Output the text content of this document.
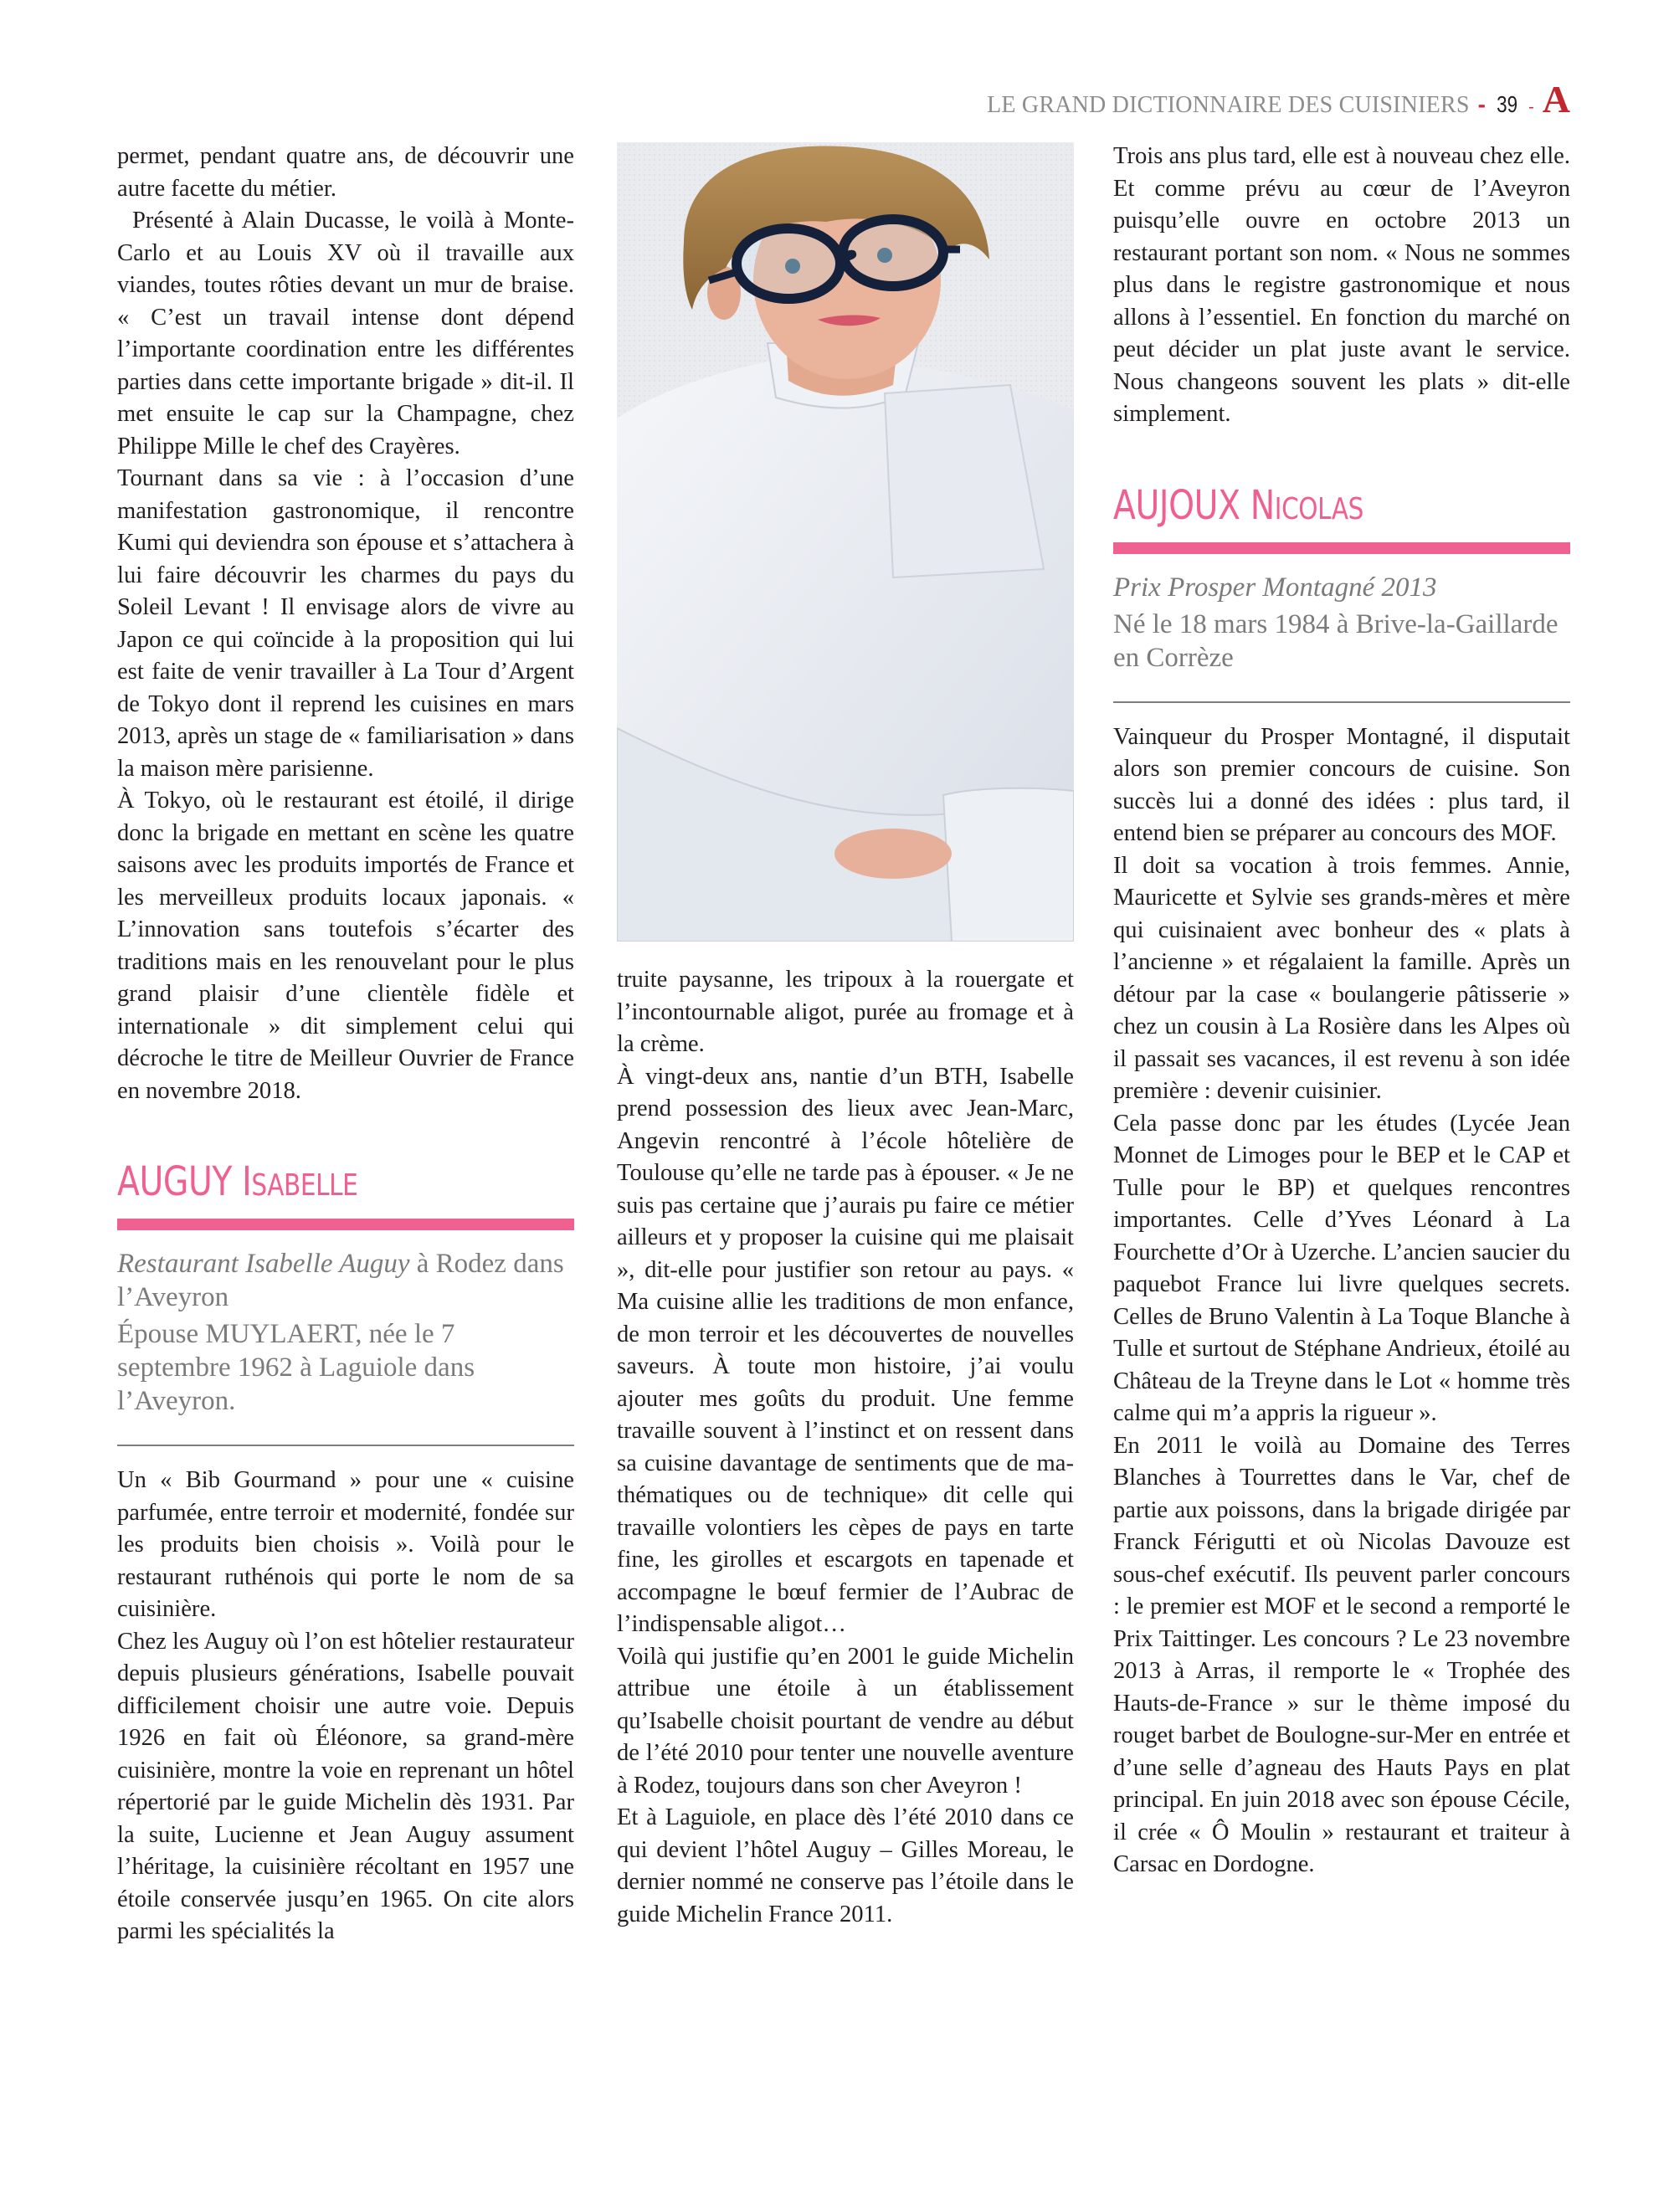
LE GRAND DICTIONNAIRE DES CUISINIERS - 39 - A

permet, pendant quatre ans, de découvrir une autre facette du métier.

Présenté à Alain Ducasse, le voilà à Monte-Carlo et au Louis XV où il travaille aux viandes, toutes rôties devant un mur de braise. « C’est un travail intense dont dépend l’importante coordination entre les différentes parties dans cette importante brigade » dit-il. Il met ensuite le cap sur la Champagne, chez Philippe Mille le chef des Crayères.

Tournant dans sa vie : à l’occasion d’une manifestation gastronomique, il rencontre Kumi qui deviendra son épouse et s’attachera à lui faire découvrir les charmes du pays du Soleil Levant ! Il envisage alors de vivre au Japon ce qui coïncide à la proposition qui lui est faite de venir travailler à La Tour d’Argent de Tokyo dont il reprend les cuisines en mars 2013, après un stage de « familiarisation » dans la maison mère parisienne.

À Tokyo, où le restaurant est étoilé, il dirige donc la brigade en mettant en scène les quatre saisons avec les produits importés de France et les merveilleux produits locaux japonais. « L’innovation sans toutefois s’écarter des traditions mais en les renouvelant pour le plus grand plaisir d’une clientèle fidèle et internationale » dit simplement celui qui décroche le titre de Meilleur Ouvrier de France en novembre 2018.

AUGUY ISABELLE

Restaurant Isabelle Auguy à Rodez dans l’Aveyron

Épouse MUYLAERT, née le 7 septembre 1962 à Laguiole dans l’Aveyron.

Un « Bib Gourmand » pour une « cuisine parfumée, entre terroir et modernité, fondée sur les produits bien choisis ». Voilà pour le restaurant ruthénois qui porte le nom de sa cuisinière.

Chez les Auguy où l’on est hôtelier restaurateur depuis plusieurs générations, Isabelle pouvait difficilement choisir une autre voie. Depuis 1926 en fait où Éléonore, sa grand-mère cuisinière, montre la voie en reprenant un hôtel répertorié par le guide Michelin dès 1931. Par la suite, Lucienne et Jean Auguy assument l’héritage, la cuisinière récoltant en 1957 une étoile conservée jusqu’en 1965. On cite alors parmi les spécialités la

truite paysanne, les tripoux à la rouergate et l’incontournable aligot, purée au fromage et à la crème.

À vingt-deux ans, nantie d’un BTH, Isabelle prend possession des lieux avec Jean-Marc, Angevin rencontré à l’école hôtelière de Toulouse qu’elle ne tarde pas à épouser. « Je ne suis pas certaine que j’aurais pu faire ce métier ailleurs et y proposer la cuisine qui me plaisait », dit-elle pour justifier son retour au pays. « Ma cuisine allie les traditions de mon enfance, de mon terroir et les découvertes de nouvelles saveurs. À toute mon histoire, j’ai voulu ajouter mes goûts du produit. Une femme travaille souvent à l’instinct et on ressent dans sa cuisine davantage de sentiments que de mathématiques ou de technique» dit celle qui travaille volontiers les cèpes de pays en tarte fine, les girolles et escargots en tapenade et accompagne le bœuf fermier de l’Aubrac de l’indispensable aligot…

Voilà qui justifie qu’en 2001 le guide Michelin attribue une étoile à un établissement qu’Isabelle choisit pourtant de vendre au début de l’été 2010 pour tenter une nouvelle aventure à Rodez, toujours dans son cher Aveyron !

Et à Laguiole, en place dès l’été 2010 dans ce qui devient l’hôtel Auguy – Gilles Moreau, le dernier nommé ne conserve pas l’étoile dans le guide Michelin France 2011.

Trois ans plus tard, elle est à nouveau chez elle. Et comme prévu au cœur de l’Aveyron puisqu’elle ouvre en octobre 2013 un restaurant portant son nom. « Nous ne sommes plus dans le registre gastronomique et nous allons à l’essentiel. En fonction du marché on peut décider un plat juste avant le service. Nous changeons souvent les plats » dit-elle simplement.

AUJOUX NICOLAS

Prix Prosper Montagné 2013

Né le 18 mars 1984 à Brive-la-Gaillarde en Corrèze

Vainqueur du Prosper Montagné, il disputait alors son premier concours de cuisine. Son succès lui a donné des idées : plus tard, il entend bien se préparer au concours des MOF.

Il doit sa vocation à trois femmes. Annie, Mauricette et Sylvie ses grands-mères et mère qui cuisinaient avec bonheur des « plats à l’ancienne » et régalaient la famille. Après un détour par la case « boulangerie pâtisserie » chez un cousin à La Rosière dans les Alpes où il passait ses vacances, il est revenu à son idée première : devenir cuisinier.

Cela passe donc par les études (Lycée Jean Monnet de Limoges pour le BEP et le CAP et Tulle pour le BP) et quelques rencontres importantes. Celle d’Yves Léonard à La Fourchette d’Or à Uzerche. L’ancien saucier du paquebot France lui livre quelques secrets. Celles de Bruno Valentin à La Toque Blanche à Tulle et surtout de Stéphane Andrieux, étoilé au Château de la Treyne dans le Lot « homme très calme qui m’a appris la rigueur ».

En 2011 le voilà au Domaine des Terres Blanches à Tourrettes dans le Var, chef de partie aux poissons, dans la brigade dirigée par Franck Férigutti et où Nicolas Davouze est sous-chef exécutif. Ils peuvent parler concours : le premier est MOF et le second a remporté le Prix Taittinger. Les concours ? Le 23 novembre 2013 à Arras, il remporte le « Trophée des Hauts-de-France » sur le thème imposé du rouget barbet de Boulogne-sur-Mer en entrée et d’une selle d’agneau des Hauts Pays en plat principal. En juin 2018 avec son épouse Cécile, il crée « Ô Moulin » restaurant et traiteur à Carsac en Dordogne.
